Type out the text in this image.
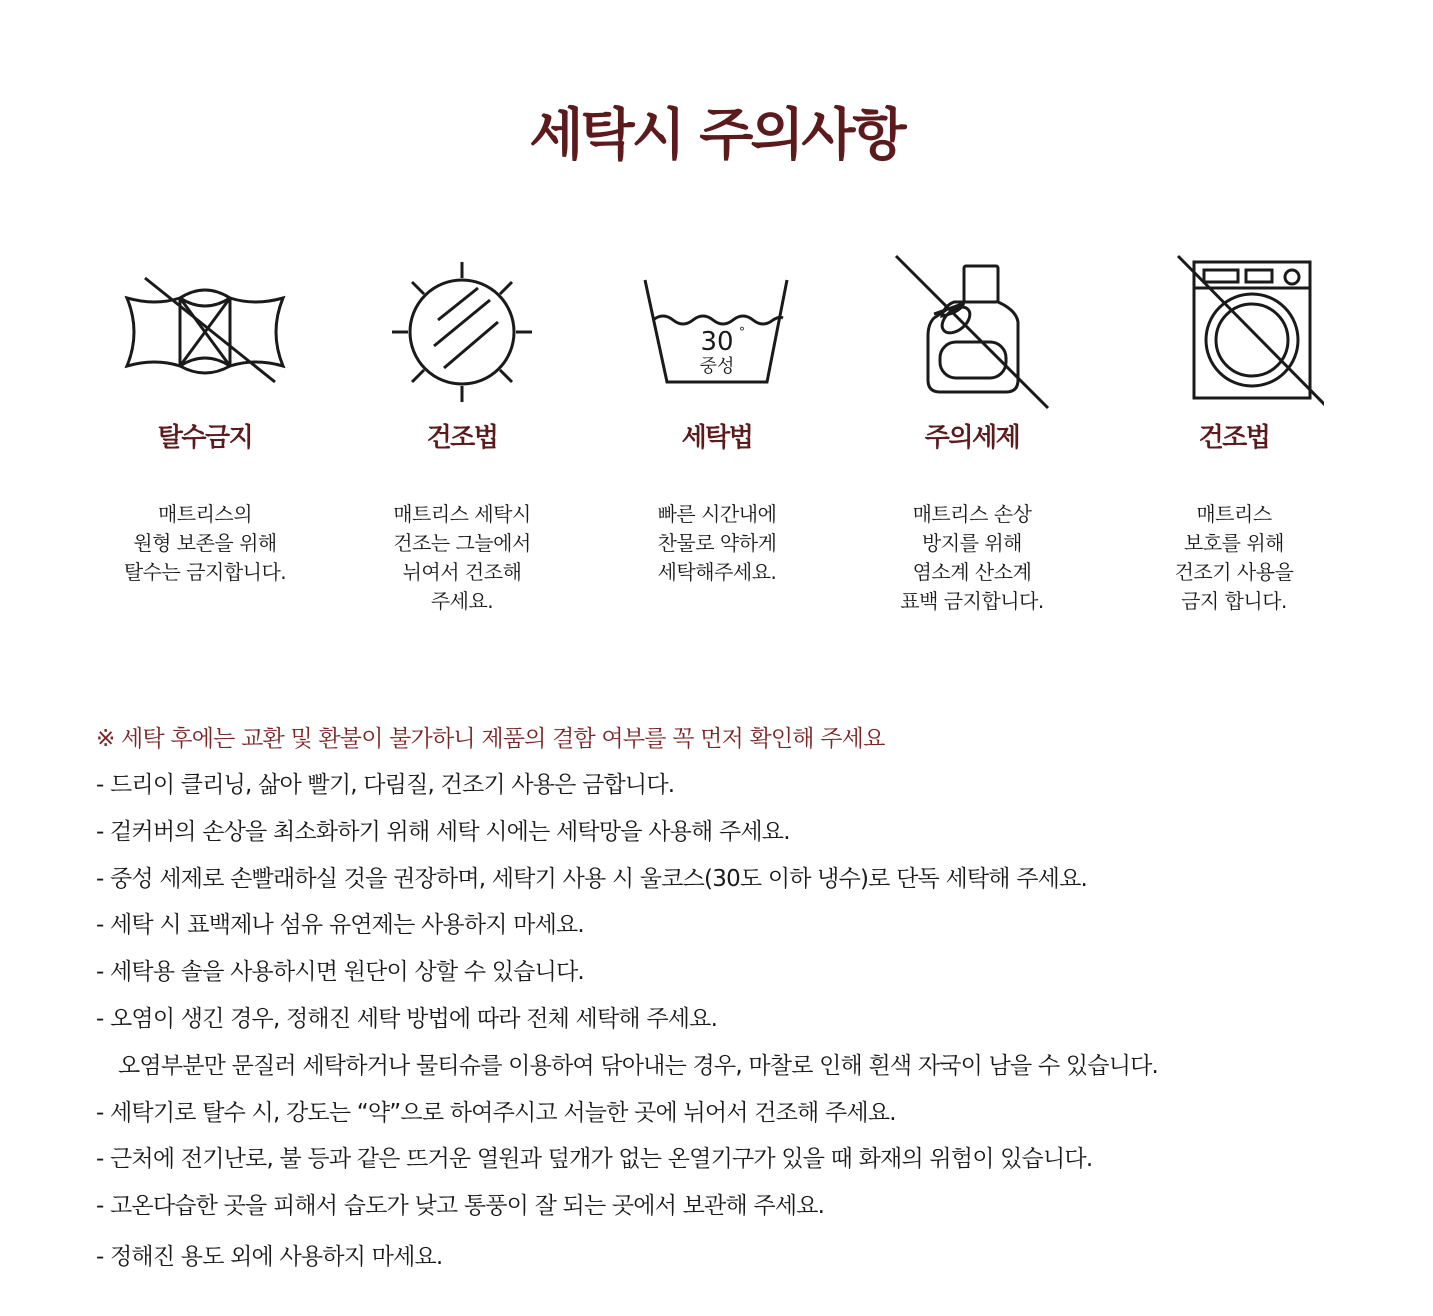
세탁시 주의사항
탈수금지
매트리스의
원형 보존을 위해
탈수는 금지합니다.
건조법
매트리스 세탁시
건조는 그늘에서
뉘여서 건조해
주세요.
30 °
중성
세탁법
빠른 시간내에
찬물로 약하게
세탁해주세요.
주의세제
매트리스 손상
방지를 위해
염소계 산소계
표백 금지합니다.
건조법
매트리스
보호를 위해
건조기 사용을
금지 합니다.
※ 세탁 후에는 교환 및 환불이 불가하니 제품의 결함 여부를 꼭 먼저 확인해 주세요
- 드리이 클리닝, 삶아 빨기, 다림질, 건조기 사용은 금합니다.
- 겉커버의 손상을 최소화하기 위해 세탁 시에는 세탁망을 사용해 주세요.
- 중성 세제로 손빨래하실 것을 권장하며, 세탁기 사용 시 울코스(30도 이하 냉수)로 단독 세탁해 주세요.
- 세탁 시 표백제나 섬유 유연제는 사용하지 마세요.
- 세탁용 솔을 사용하시면 원단이 상할 수 있습니다.
- 오염이 생긴 경우, 정해진 세탁 방법에 따라 전체 세탁해 주세요.
오염부분만 문질러 세탁하거나 물티슈를 이용하여 닦아내는 경우, 마찰로 인해 흰색 자국이 남을 수 있습니다.
- 세탁기로 탈수 시, 강도는 “약”으로 하여주시고 서늘한 곳에 뉘어서 건조해 주세요.
- 근처에 전기난로, 불 등과 같은 뜨거운 열원과 덮개가 없는 온열기구가 있을 때 화재의 위험이 있습니다.
- 고온다습한 곳을 피해서 습도가 낮고 통풍이 잘 되는 곳에서 보관해 주세요.
- 정해진 용도 외에 사용하지 마세요.
